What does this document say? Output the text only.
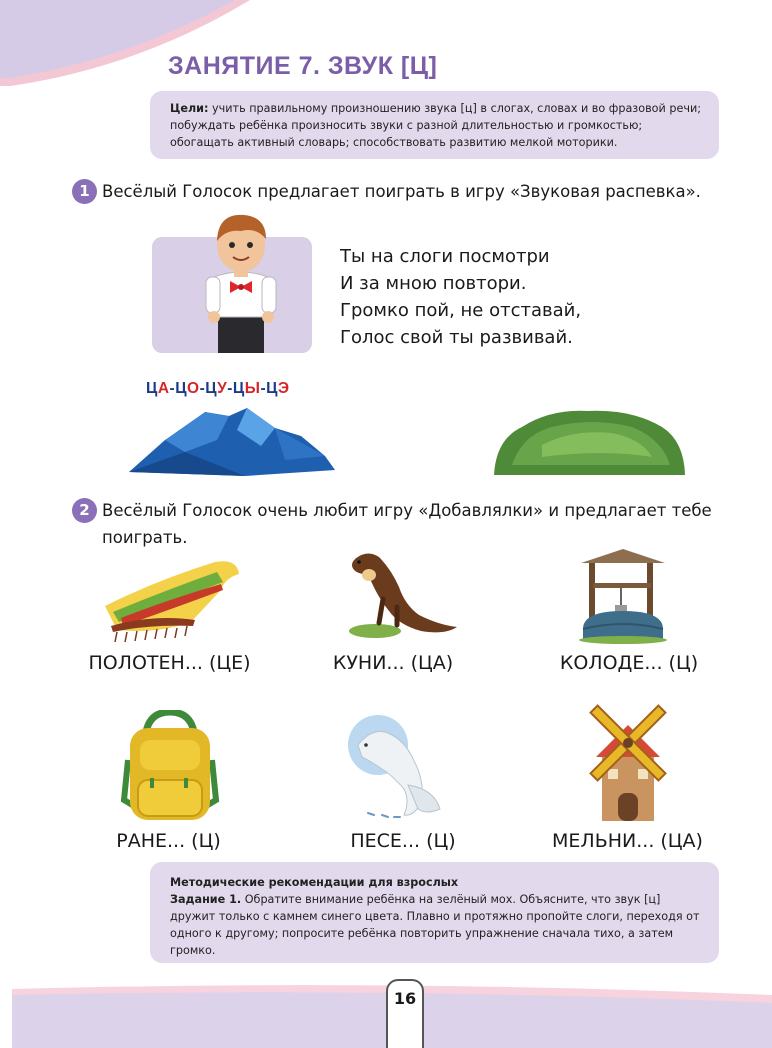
ЗАНЯТИЕ 7. ЗВУК [Ц]
Цели: учить правильному произношению звука [ц] в слогах, словах и во фразовой речи; побуждать ребёнка произносить звуки с разной длительностью и громкостью; обогащать активный словарь; способствовать развитию мелкой моторики.
1 Весёлый Голосок предлагает поиграть в игру «Звуковая распевка».
Ты на слоги посмотри
И за мною повтори.
Громко пой, не отставай,
Голос свой ты развивай.
ЦА-ЦО-ЦУ-ЦЫ-ЦЭ
2 Весёлый Голосок очень любит игру «Добавлялки» и предлагает тебе
поиграть.
ПОЛОТЕН... (ЦЕ)	КУНИ... (ЦА)	КОЛОДЕ... (Ц)
РАНЕ... (Ц)	ПЕСЕ... (Ц)	МЕЛЬНИ... (ЦА)
Методические рекомендации для взрослых
Задание 1. Обратите внимание ребёнка на зелёный мох. Объясните, что звук [ц] дружит только с камнем синего цвета. Плавно и протяжно пропойте слоги, переходя от одного к другому; попросите ребёнка повторить упражнение сначала тихо, а затем громко.
16
